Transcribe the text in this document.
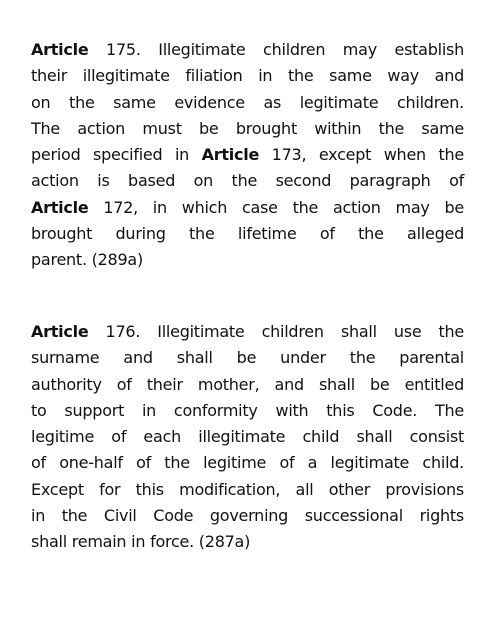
Article 175. Illegitimate children may establish
their illegitimate filiation in the same way and
on the same evidence as legitimate children.
The action must be brought within the same
period specified in Article 173, except when the
action is based on the second paragraph of
Article 172, in which case the action may be
brought during the lifetime of the alleged
parent. (289a)
Article 176. Illegitimate children shall use the
surname and shall be under the parental
authority of their mother, and shall be entitled
to support in conformity with this Code. The
legitime of each illegitimate child shall consist
of one-half of the legitime of a legitimate child.
Except for this modification, all other provisions
in the Civil Code governing successional rights
shall remain in force. (287a)
